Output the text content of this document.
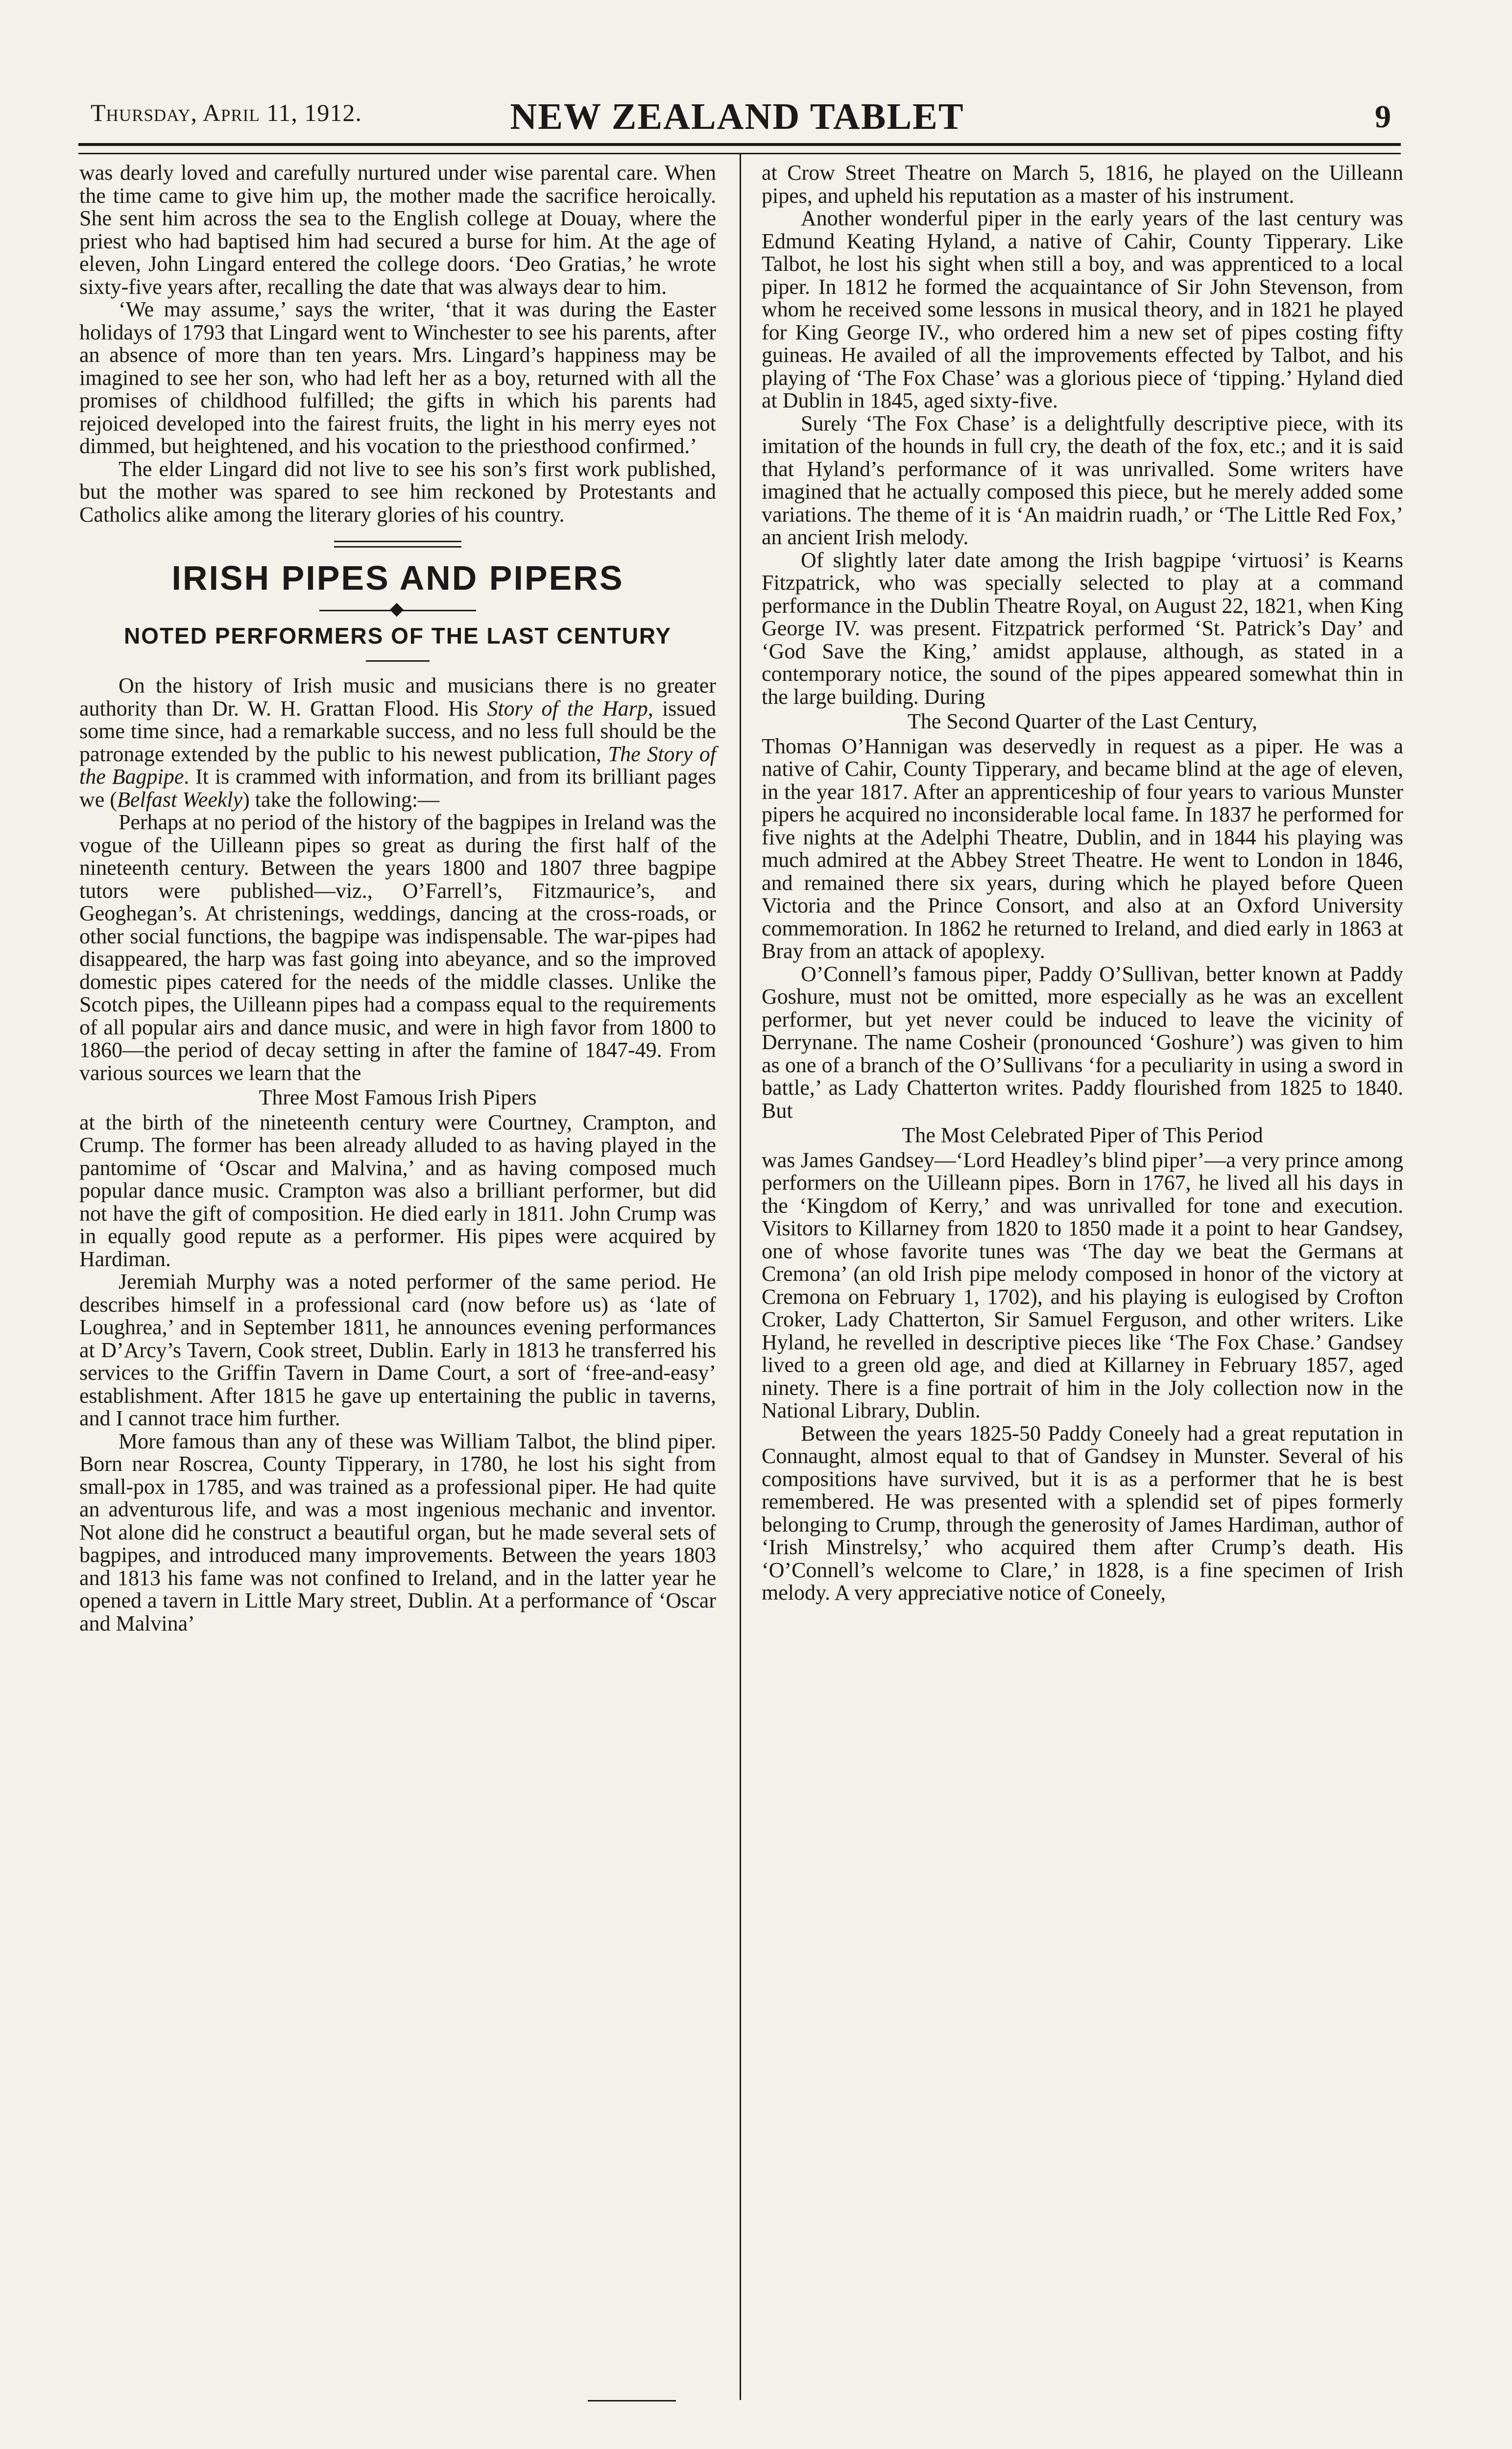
Thursday, April 11, 1912.	NEW ZEALAND TABLET	9

was dearly loved and carefully nurtured under wise parental care. When the time came to give him up, the mother made the sacrifice heroically. She sent him across the sea to the English college at Douay, where the priest who had baptised him had secured a burse for him. At the age of eleven, John Lingard entered the college doors. ‘Deo Gratias,’ he wrote sixty-five years after, recalling the date that was always dear to him.

‘We may assume,’ says the writer, ‘that it was during the Easter holidays of 1793 that Lingard went to Winchester to see his parents, after an absence of more than ten years. Mrs. Lingard’s happiness may be imagined to see her son, who had left her as a boy, returned with all the promises of childhood fulfilled; the gifts in which his parents had rejoiced developed into the fairest fruits, the light in his merry eyes not dimmed, but heightened, and his vocation to the priesthood confirmed.’

The elder Lingard did not live to see his son’s first work published, but the mother was spared to see him reckoned by Protestants and Catholics alike among the literary glories of his country.

IRISH PIPES AND PIPERS
NOTED PERFORMERS OF THE LAST CENTURY

On the history of Irish music and musicians there is no greater authority than Dr. W. H. Grattan Flood. His Story of the Harp, issued some time since, had a remarkable success, and no less full should be the patronage extended by the public to his newest publication, The Story of the Bagpipe. It is crammed with information, and from its brilliant pages we (Belfast Weekly) take the following:—

Perhaps at no period of the history of the bagpipes in Ireland was the vogue of the Uilleann pipes so great as during the first half of the nineteenth century. Between the years 1800 and 1807 three bagpipe tutors were published—viz., O’Farrell’s, Fitzmaurice’s, and Geoghegan’s. At christenings, weddings, dancing at the cross-roads, or other social functions, the bagpipe was indispensable. The war-pipes had disappeared, the harp was fast going into abeyance, and so the improved domestic pipes catered for the needs of the middle classes. Unlike the Scotch pipes, the Uilleann pipes had a compass equal to the requirements of all popular airs and dance music, and were in high favor from 1800 to 1860—the period of decay setting in after the famine of 1847-49. From various sources we learn that the

Three Most Famous Irish Pipers

at the birth of the nineteenth century were Courtney, Crampton, and Crump. The former has been already alluded to as having played in the pantomime of ‘Oscar and Malvina,’ and as having composed much popular dance music. Crampton was also a brilliant performer, but did not have the gift of composition. He died early in 1811. John Crump was in equally good repute as a performer. His pipes were acquired by Hardiman.

Jeremiah Murphy was a noted performer of the same period. He describes himself in a professional card (now before us) as ‘late of Loughrea,’ and in September 1811, he announces evening performances at D’Arcy’s Tavern, Cook street, Dublin. Early in 1813 he transferred his services to the Griffin Tavern in Dame Court, a sort of ‘free-and-easy’ establishment. After 1815 he gave up entertaining the public in taverns, and I cannot trace him further.

More famous than any of these was William Talbot, the blind piper. Born near Roscrea, County Tipperary, in 1780, he lost his sight from small-pox in 1785, and was trained as a professional piper. He had quite an adventurous life, and was a most ingenious mechanic and inventor. Not alone did he construct a beautiful organ, but he made several sets of bagpipes, and introduced many improvements. Between the years 1803 and 1813 his fame was not confined to Ireland, and in the latter year he opened a tavern in Little Mary street, Dublin. At a performance of ‘Oscar and Malvina’

at Crow Street Theatre on March 5, 1816, he played on the Uilleann pipes, and upheld his reputation as a master of his instrument.

Another wonderful piper in the early years of the last century was Edmund Keating Hyland, a native of Cahir, County Tipperary. Like Talbot, he lost his sight when still a boy, and was apprenticed to a local piper. In 1812 he formed the acquaintance of Sir John Stevenson, from whom he received some lessons in musical theory, and in 1821 he played for King George IV., who ordered him a new set of pipes costing fifty guineas. He availed of all the improvements effected by Talbot, and his playing of ‘The Fox Chase’ was a glorious piece of ‘tipping.’ Hyland died at Dublin in 1845, aged sixty-five.

Surely ‘The Fox Chase’ is a delightfully descriptive piece, with its imitation of the hounds in full cry, the death of the fox, etc.; and it is said that Hyland’s performance of it was unrivalled. Some writers have imagined that he actually composed this piece, but he merely added some variations. The theme of it is ‘An maidrin ruadh,’ or ‘The Little Red Fox,’ an ancient Irish melody.

Of slightly later date among the Irish bagpipe ‘virtuosi’ is Kearns Fitzpatrick, who was specially selected to play at a command performance in the Dublin Theatre Royal, on August 22, 1821, when King George IV. was present. Fitzpatrick performed ‘St. Patrick’s Day’ and ‘God Save the King,’ amidst applause, although, as stated in a contemporary notice, the sound of the pipes appeared somewhat thin in the large building. During

The Second Quarter of the Last Century,

Thomas O’Hannigan was deservedly in request as a piper. He was a native of Cahir, County Tipperary, and became blind at the age of eleven, in the year 1817. After an apprenticeship of four years to various Munster pipers he acquired no inconsiderable local fame. In 1837 he performed for five nights at the Adelphi Theatre, Dublin, and in 1844 his playing was much admired at the Abbey Street Theatre. He went to London in 1846, and remained there six years, during which he played before Queen Victoria and the Prince Consort, and also at an Oxford University commemoration. In 1862 he returned to Ireland, and died early in 1863 at Bray from an attack of apoplexy.

O’Connell’s famous piper, Paddy O’Sullivan, better known at Paddy Goshure, must not be omitted, more especially as he was an excellent performer, but yet never could be induced to leave the vicinity of Derrynane. The name Cosheir (pronounced ‘Goshure’) was given to him as one of a branch of the O’Sullivans ‘for a peculiarity in using a sword in battle,’ as Lady Chatterton writes. Paddy flourished from 1825 to 1840. But

The Most Celebrated Piper of This Period

was James Gandsey—‘Lord Headley’s blind piper’—a very prince among performers on the Uilleann pipes. Born in 1767, he lived all his days in the ‘Kingdom of Kerry,’ and was unrivalled for tone and execution. Visitors to Killarney from 1820 to 1850 made it a point to hear Gandsey, one of whose favorite tunes was ‘The day we beat the Germans at Cremona’ (an old Irish pipe melody composed in honor of the victory at Cremona on February 1, 1702), and his playing is eulogised by Crofton Croker, Lady Chatterton, Sir Samuel Ferguson, and other writers. Like Hyland, he revelled in descriptive pieces like ‘The Fox Chase.’ Gandsey lived to a green old age, and died at Killarney in February 1857, aged ninety. There is a fine portrait of him in the Joly collection now in the National Library, Dublin.

Between the years 1825-50 Paddy Coneely had a great reputation in Connaught, almost equal to that of Gandsey in Munster. Several of his compositions have survived, but it is as a performer that he is best remembered. He was presented with a splendid set of pipes formerly belonging to Crump, through the generosity of James Hardiman, author of ‘Irish Minstrelsy,’ who acquired them after Crump’s death. His ‘O’Connell’s welcome to Clare,’ in 1828, is a fine specimen of Irish melody. A very appreciative notice of Coneely,
